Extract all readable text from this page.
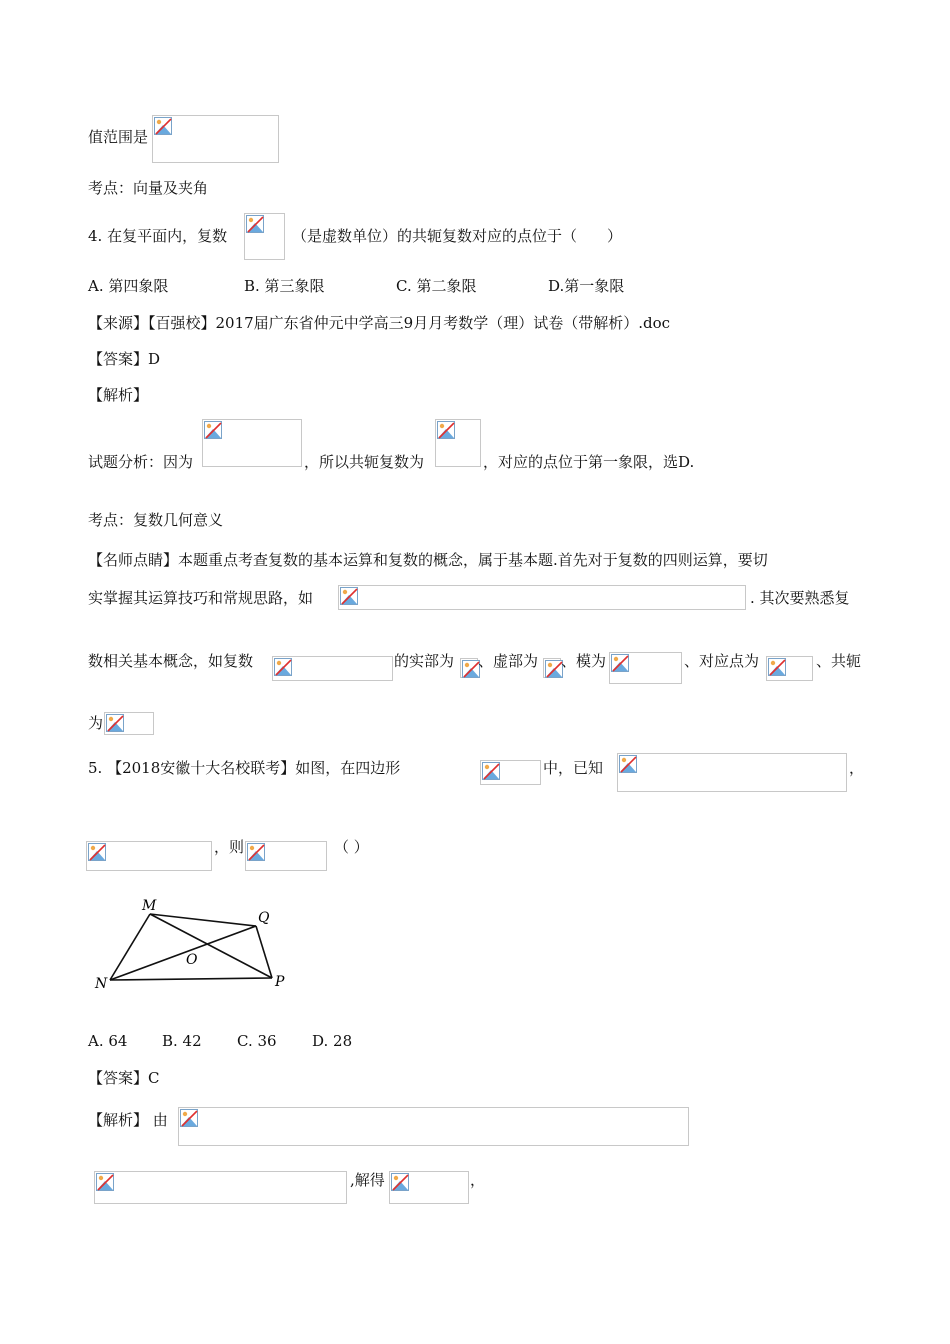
值范围是
考点：向量及夹角
4. 在复平面内，复数	（是虚数单位）的共轭复数对应的点位于（　　）
A. 第四象限	B. 第三象限	C. 第二象限	D.第一象限
【来源】【百强校】2017届广东省仲元中学高三9月月考数学（理）试卷（带解析）.doc
【答案】D
【解析】
试题分析：因为	，所以共轭复数为	，对应的点位于第一象限，选D.
考点：复数几何意义
【名师点睛】本题重点考查复数的基本运算和复数的概念，属于基本题.首先对于复数的四则运算，要切
实掌握其运算技巧和常规思路，如	. 其次要熟悉复
数相关基本概念，如复数	的实部为 、虚部为 、模为	、对应点为	、共轭
为
5. 【2018安徽十大名校联考】如图，在四边形	中，已知	，
，则	（ ）
M
Q
O
N	P
A. 64 B. 42 C. 36 D. 28
【答案】C
【解析】 由
,解得	，
